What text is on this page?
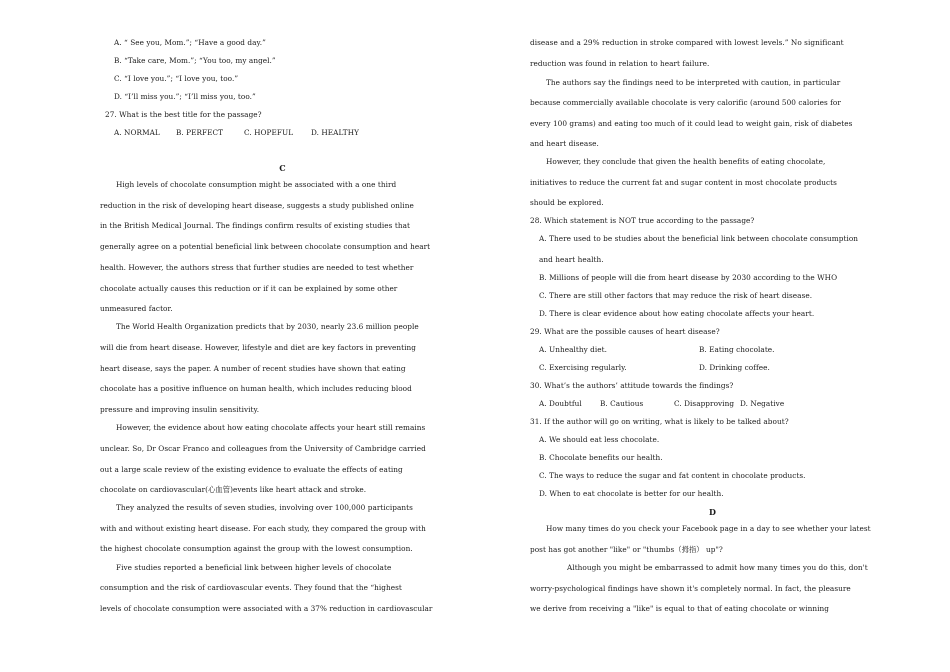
A. “ See you, Mom.”; “Have a good day.”
B. “Take care, Mom.”; “You too, my angel.”
C. “I love you.”; “I love you, too.”
D. “I’ll miss you.”; “I’ll miss you, too.”
27. What is the best title for the passage?
A. NORMAL	B. PERFECT	C. HOPEFUL	D. HEALTHY
C
High levels of chocolate consumption might be associated with a one third
reduction in the risk of developing heart disease, suggests a study published online
in the British Medical Journal. The findings confirm results of existing studies that
generally agree on a potential beneficial link between chocolate consumption and heart
health. However, the authors stress that further studies are needed to test whether
chocolate actually causes this reduction or if it can be explained by some other
unmeasured factor.
The World Health Organization predicts that by 2030, nearly 23.6 million people
will die from heart disease. However, lifestyle and diet are key factors in preventing
heart disease, says the paper. A number of recent studies have shown that eating
chocolate has a positive influence on human health, which includes reducing blood
pressure and improving insulin sensitivity.
However, the evidence about how eating chocolate affects your heart still remains
unclear. So, Dr Oscar Franco and colleagues from the University of Cambridge carried
out a large scale review of the existing evidence to evaluate the effects of eating
chocolate on cardiovascular(心血管)events like heart attack and stroke.
They analyzed the results of seven studies, involving over 100,000 participants
with and without existing heart disease. For each study, they compared the group with
the highest chocolate consumption against the group with the lowest consumption.
Five studies reported a beneficial link between higher levels of chocolate
consumption and the risk of cardiovascular events. They found that the “highest
levels of chocolate consumption were associated with a 37% reduction in cardiovascular
disease and a 29% reduction in stroke compared with lowest levels.” No significant
reduction was found in relation to heart failure.
The authors say the findings need to be interpreted with caution, in particular
because commercially available chocolate is very calorific (around 500 calories for
every 100 grams) and eating too much of it could lead to weight gain, risk of diabetes
and heart disease.
However, they conclude that given the health benefits of eating chocolate,
initiatives to reduce the current fat and sugar content in most chocolate products
should be explored.
28. Which statement is NOT true according to the passage?
A. There used to be studies about the beneficial link between chocolate consumption
and heart health.
B. Millions of people will die from heart disease by 2030 according to the WHO
C. There are still other factors that may reduce the risk of heart disease.
D. There is clear evidence about how eating chocolate affects your heart.
29. What are the possible causes of heart disease?
A. Unhealthy diet.	B. Eating chocolate.
C. Exercising regularly.	D. Drinking coffee.
30. What’s the authors’ attitude towards the findings?
A. Doubtful	B. Cautious	C. Disapproving D. Negative
31. If the author will go on writing, what is likely to be talked about?
A. We should eat less chocolate.
B. Chocolate benefits our health.
C. The ways to reduce the sugar and fat content in chocolate products.
D. When to eat chocolate is better for our health.
D
How many times do you check your Facebook page in a day to see whether your latest
post has got another "like" or "thumbs（拇指） up"?
Although you might be embarrassed to admit how many times you do this, don't
worry-psychological findings have shown it's completely normal. In fact, the pleasure
we derive from receiving a "like" is equal to that of eating chocolate or winning
